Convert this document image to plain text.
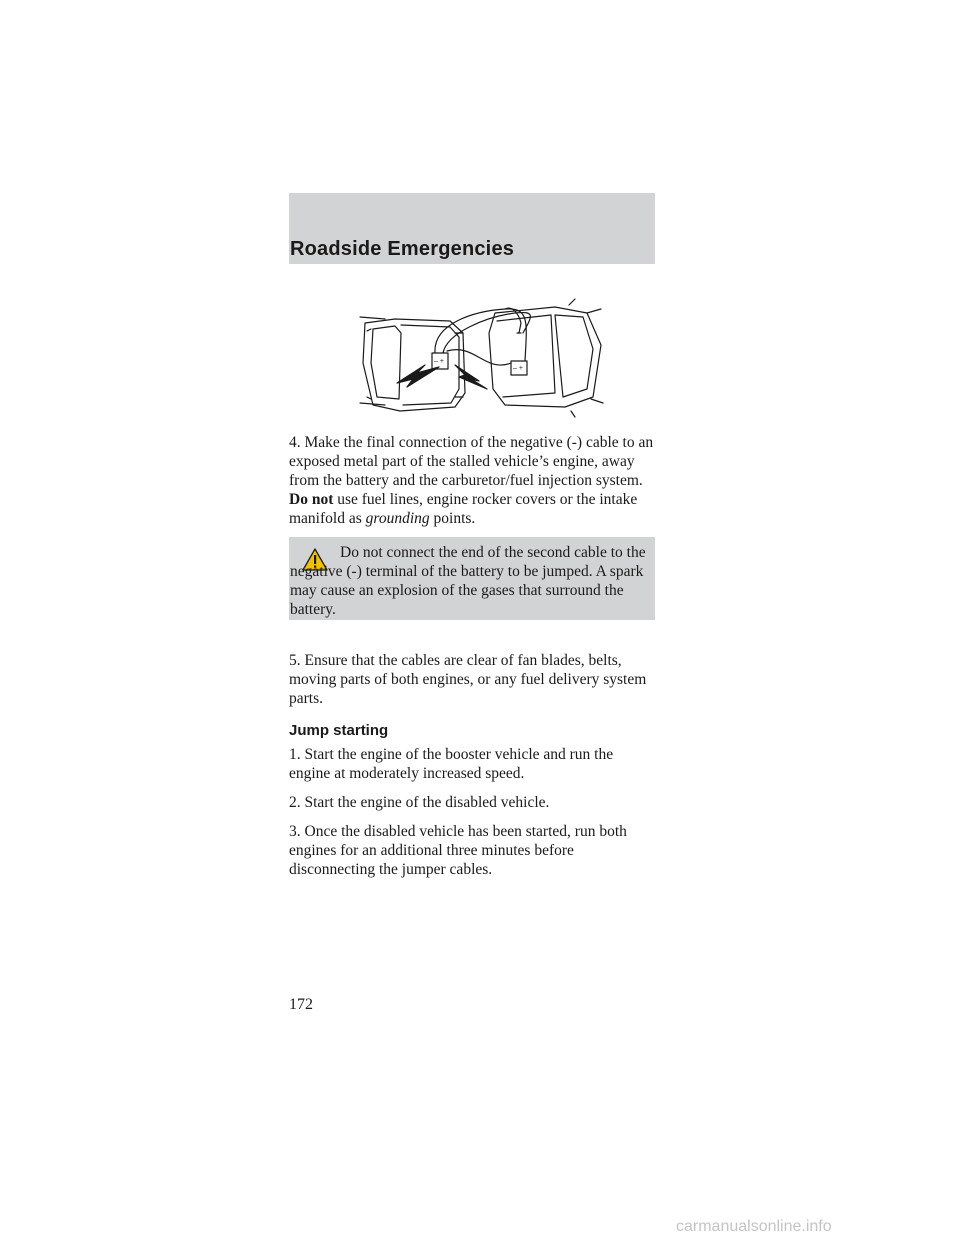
Roadside Emergencies
– +
– +

4. Make the final connection of the negative (-) cable to an exposed metal part of the stalled vehicle’s engine, away from the battery and the carburetor/fuel injection system. Do not use fuel lines, engine rocker covers or the intake manifold as grounding points.

Do not connect the end of the second cable to the negative (-) terminal of the battery to be jumped. A spark may cause an explosion of the gases that surround the battery.

5. Ensure that the cables are clear of fan blades, belts, moving parts of both engines, or any fuel delivery system parts.

Jump starting

1. Start the engine of the booster vehicle and run the engine at moderately increased speed.

2. Start the engine of the disabled vehicle.

3. Once the disabled vehicle has been started, run both engines for an additional three minutes before disconnecting the jumper cables.

172

carmanualsonline.info
